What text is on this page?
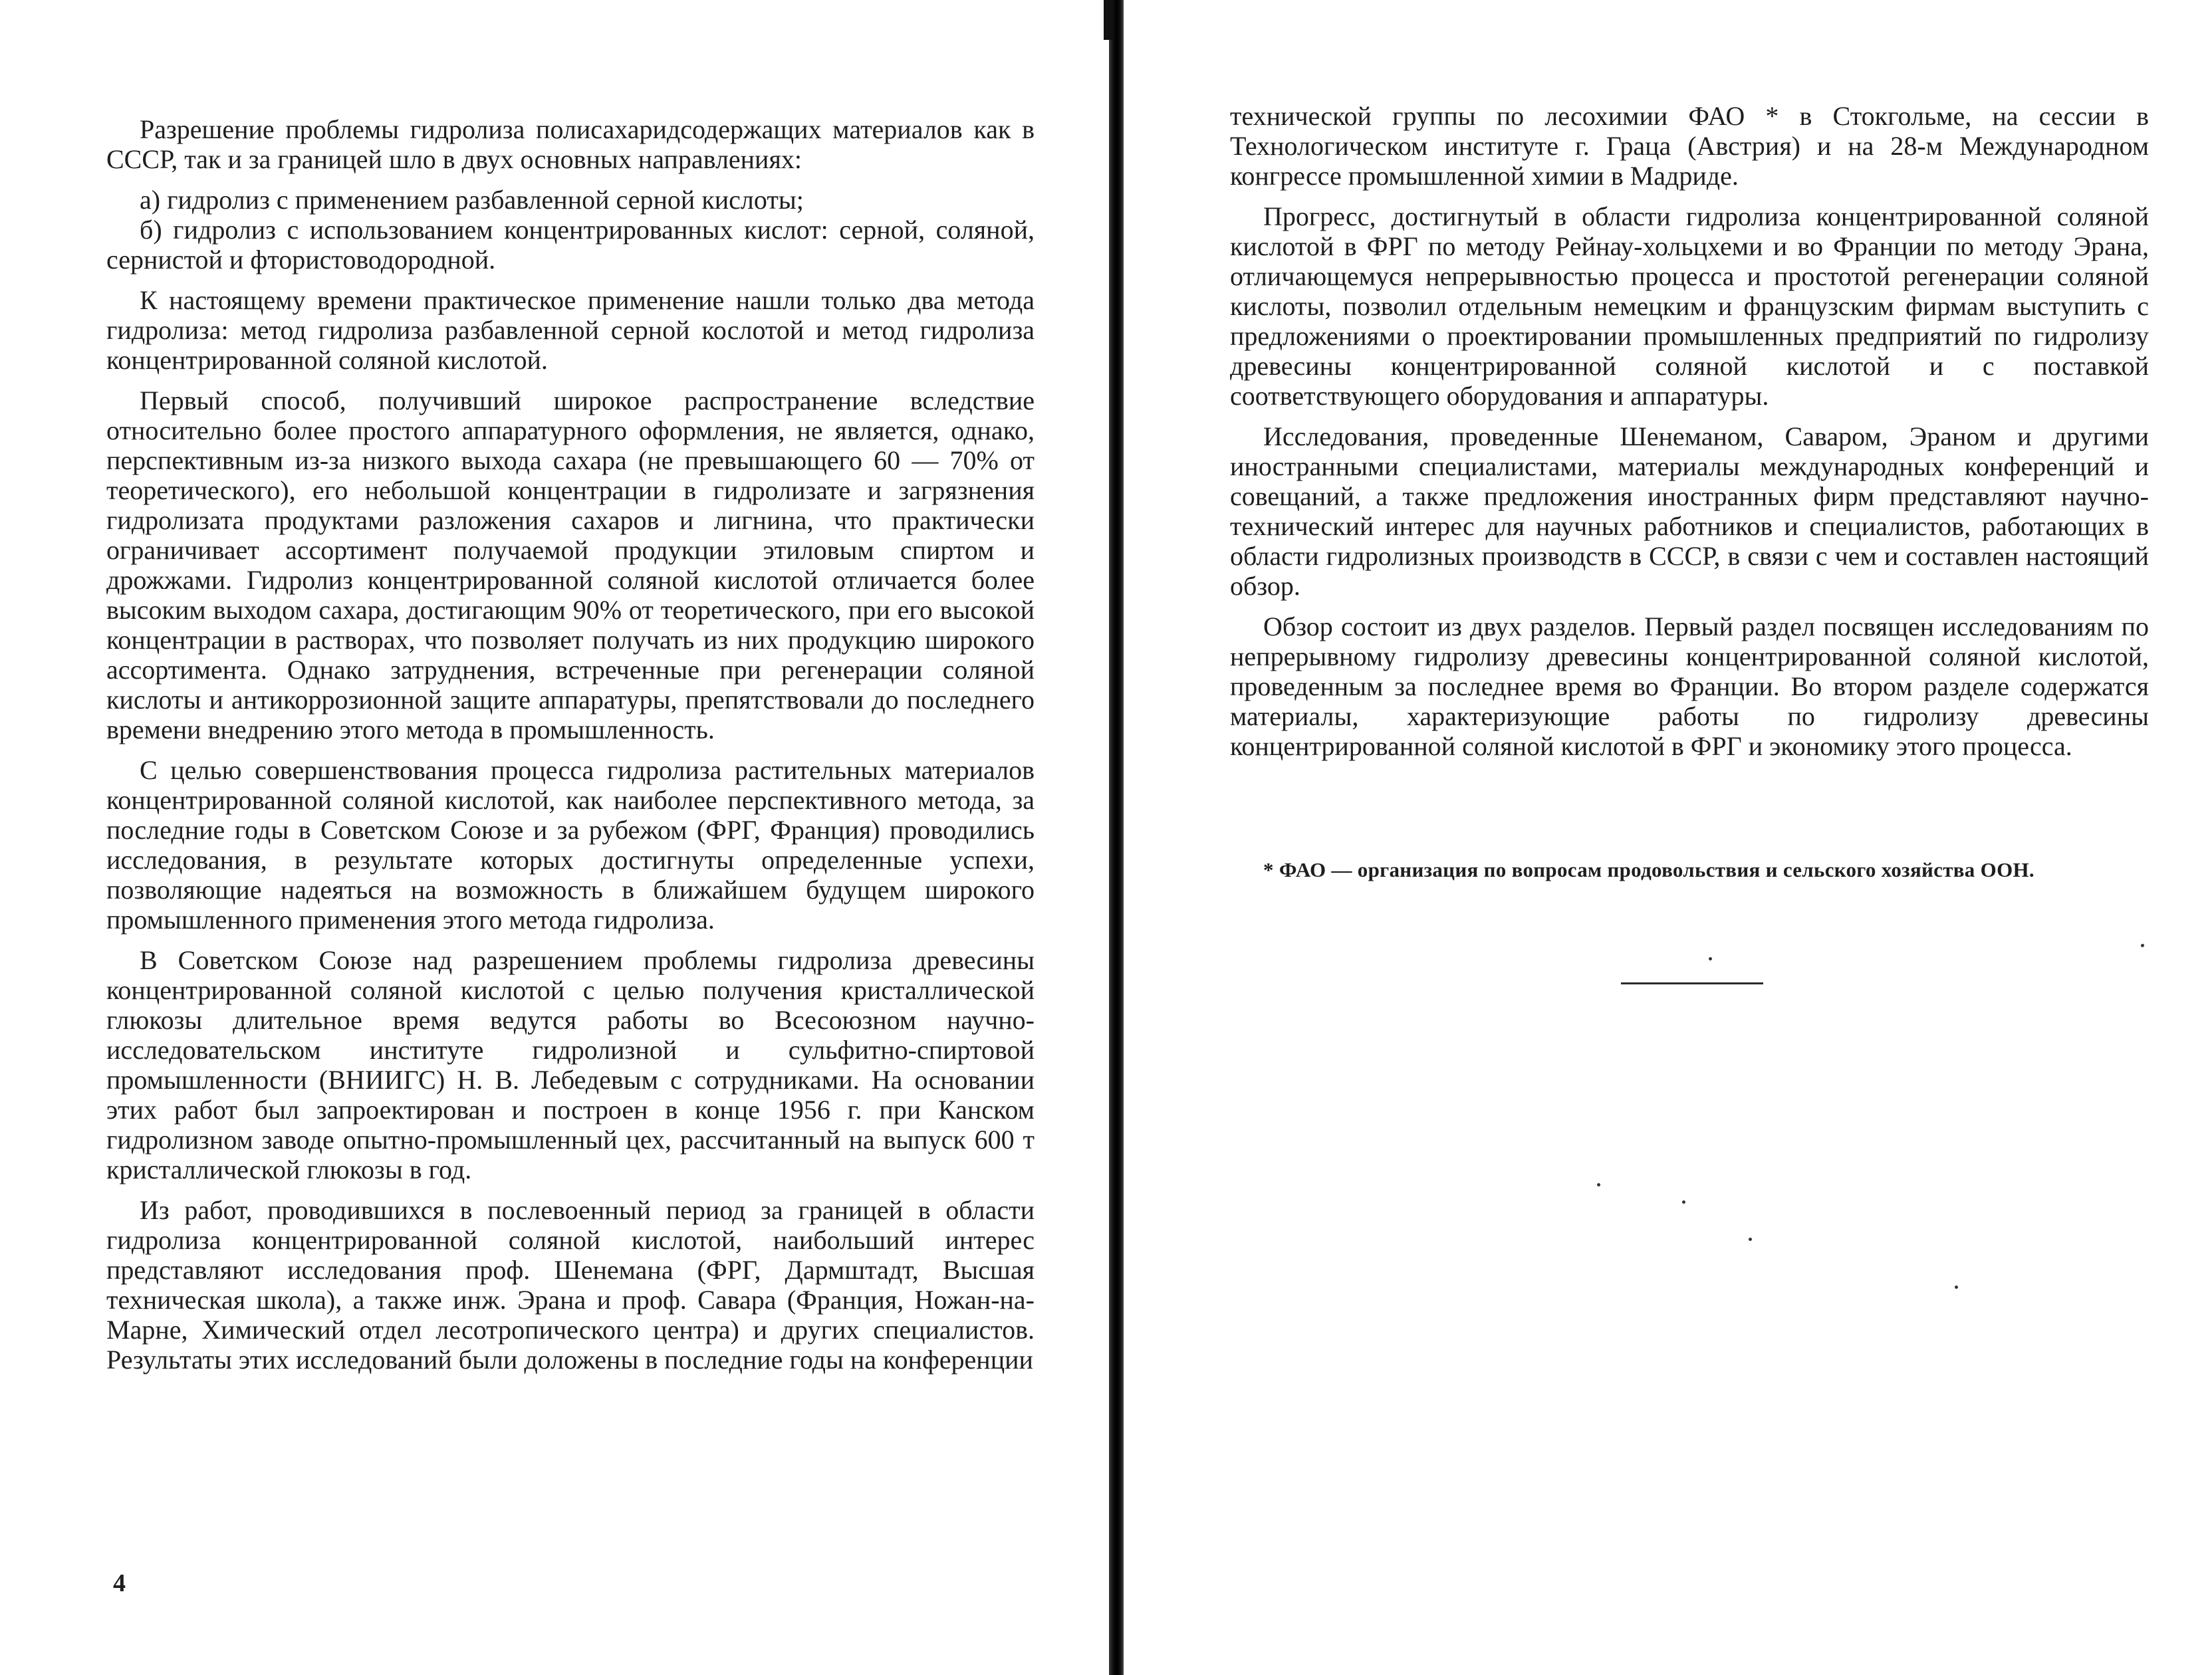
Разрешение проблемы гидролиза полисахаридсодержащих материалов как в СССР, так и за границей шло в двух основных направлениях:

а) гидролиз с применением разбавленной серной кислоты;

б) гидролиз с использованием концентрированных кислот: серной, соляной, сернистой и фтористоводородной.

К настоящему времени практическое применение нашли только два метода гидролиза: метод гидролиза разбавленной серной кослотой и метод гидролиза концентрированной соляной кислотой.

Первый способ, получивший широкое распространение вследствие относительно более простого аппаратурного оформления, не является, однако, перспективным из-за низкого выхода сахара (не превышающего 60 — 70% от теоретического), его небольшой концентрации в гидролизате и загрязнения гидролизата продуктами разложения сахаров и лигнина, что практически ограничивает ассортимент получаемой продукции этиловым спиртом и дрожжами. Гидролиз концентрированной соляной кислотой отличается более высоким выходом сахара, достигающим 90% от теоретического, при его высокой концентрации в растворах, что позволяет получать из них продукцию широкого ассортимента. Однако затруднения, встреченные при регенерации соляной кислоты и антикоррозионной защите аппаратуры, препятствовали до последнего времени внедрению этого метода в промышленность.

С целью совершенствования процесса гидролиза растительных материалов концентрированной соляной кислотой, как наиболее перспективного метода, за последние годы в Советском Союзе и за рубежом (ФРГ, Франция) проводились исследования, в результате которых достигнуты определенные успехи, позволяющие надеяться на возможность в ближайшем будущем широкого промышленного применения этого метода гидролиза.

В Советском Союзе над разрешением проблемы гидролиза древесины концентрированной соляной кислотой с целью получения кристаллической глюкозы длительное время ведутся работы во Всесоюзном научно-исследовательском институте гидролизной и сульфитно-спиртовой промышленности (ВНИИГС) Н. В. Лебедевым с сотрудниками. На основании этих работ был запроектирован и построен в конце 1956 г. при Канском гидролизном заводе опытно-промышленный цех, рассчитанный на выпуск 600 т кристаллической глюкозы в год.

Из работ, проводившихся в послевоенный период за границей в области гидролиза концентрированной соляной кислотой, наибольший интерес представляют исследования проф. Шенемана (ФРГ, Дармштадт, Высшая техническая школа), а также инж. Эрана и проф. Савара (Франция, Ножан-на-Марне, Химический отдел лесотропического центра) и других специалистов. Результаты этих исследований были доложены в последние годы на конференции

4

технической группы по лесохимии ФАО * в Стокгольме, на сессии в Технологическом институте г. Граца (Австрия) и на 28-м Международном конгрессе промышленной химии в Мадриде.

Прогресс, достигнутый в области гидролиза концентрированной соляной кислотой в ФРГ по методу Рейнау-хольцхеми и во Франции по методу Эрана, отличающемуся непрерывностью процесса и простотой регенерации соляной кислоты, позволил отдельным немецким и французским фирмам выступить с предложениями о проектировании промышленных предприятий по гидролизу древесины концентрированной соляной кислотой и с поставкой соответствующего оборудования и аппаратуры.

Исследования, проведенные Шенеманом, Саваром, Эраном и другими иностранными специалистами, материалы международных конференций и совещаний, а также предложения иностранных фирм представляют научно-технический интерес для научных работников и специалистов, работающих в области гидролизных производств в СССР, в связи с чем и составлен настоящий обзор.

Обзор состоит из двух разделов. Первый раздел посвящен исследованиям по непрерывному гидролизу древесины концентрированной соляной кислотой, проведенным за последнее время во Франции. Во втором разделе содержатся материалы, характеризующие работы по гидролизу древесины концентрированной соляной кислотой в ФРГ и экономику этого процесса.

* ФАО — организация по вопросам продовольствия и сельского хозяйства ООН.
